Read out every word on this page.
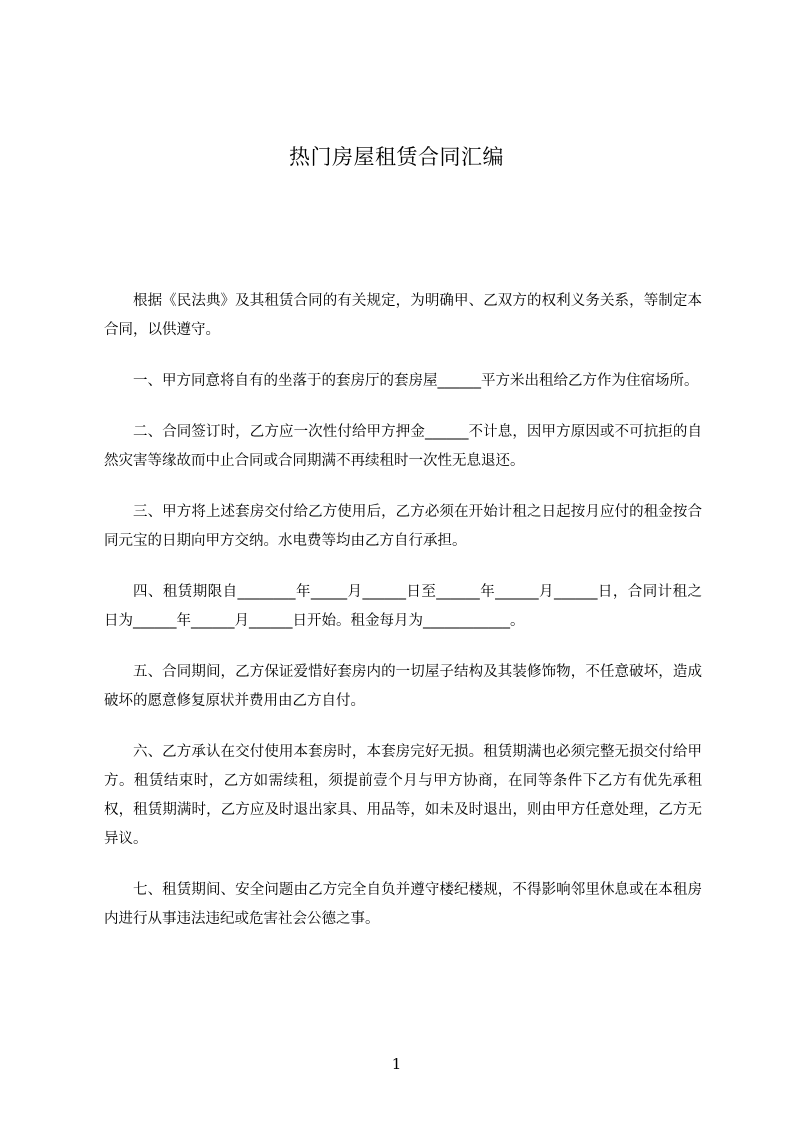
热门房屋租赁合同汇编

根据《民法典》及其租赁合同的有关规定，为明确甲、乙双方的权利义务关系，等制定本合同，以供遵守。

一、甲方同意将自有的坐落于的套房厅的套房屋______平方米出租给乙方作为住宿场所。

二、合同签订时，乙方应一次性付给甲方押金______不计息，因甲方原因或不可抗拒的自然灾害等缘故而中止合同或合同期满不再续租时一次性无息退还。

三、甲方将上述套房交付给乙方使用后，乙方必须在开始计租之日起按月应付的租金按合同元宝的日期向甲方交纳。水电费等均由乙方自行承担。

四、租赁期限自________年_____月______日至______年______月______日，合同计租之日为______年______月______日开始。租金每月为____________。

五、合同期间，乙方保证爱惜好套房内的一切屋子结构及其装修饰物，不任意破坏，造成破坏的愿意修复原状并费用由乙方自付。

六、乙方承认在交付使用本套房时，本套房完好无损。租赁期满也必须完整无损交付给甲方。租赁结束时，乙方如需续租，须提前壹个月与甲方协商，在同等条件下乙方有优先承租权，租赁期满时，乙方应及时退出家具、用品等，如未及时退出，则由甲方任意处理，乙方无异议。

七、租赁期间、安全问题由乙方完全自负并遵守楼纪楼规，不得影响邻里休息或在本租房内进行从事违法违纪或危害社会公德之事。

1
